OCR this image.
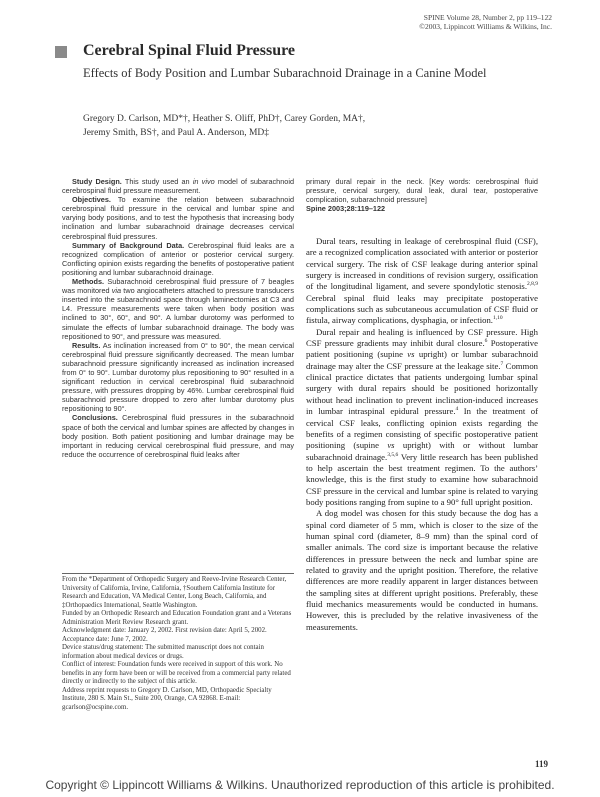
SPINE Volume 28, Number 2, pp 119–122
©2003, Lippincott Williams & Wilkins, Inc.
Cerebral Spinal Fluid Pressure
Effects of Body Position and Lumbar Subarachnoid Drainage in a Canine Model
Gregory D. Carlson, MD*†, Heather S. Oliff, PhD†, Carey Gorden, MA†,
Jeremy Smith, BS†, and Paul A. Anderson, MD‡

Study Design. This study used an in vivo model of subarachnoid cerebrospinal fluid pressure measurement.

Objectives. To examine the relation between subarachnoid cerebrospinal fluid pressure in the cervical and lumbar spine and varying body positions, and to test the hypothesis that increasing body inclination and lumbar subarachnoid drainage decreases cervical cerebrospinal fluid pressures.

Summary of Background Data. Cerebrospinal fluid leaks are a recognized complication of anterior or posterior cervical surgery. Conflicting opinion exists regarding the benefits of postoperative patient positioning and lumbar subarachnoid drainage.

Methods. Subarachnoid cerebrospinal fluid pressure of 7 beagles was monitored via two angiocatheters attached to pressure transducers inserted into the subarachnoid space through laminectomies at C3 and L4. Pressure measurements were taken when body position was inclined to 30°, 60°, and 90°. A lumbar durotomy was performed to simulate the effects of lumbar subarachnoid drainage. The body was repositioned to 90°, and pressure was measured.

Results. As inclination increased from 0° to 90°, the mean cervical cerebrospinal fluid pressure significantly decreased. The mean lumbar subarachnoid pressure significantly increased as inclination increased from 0° to 90°. Lumbar durotomy plus repositioning to 90° resulted in a significant reduction in cervical cerebrospinal fluid subarachnoid pressure, with pressures dropping by 46%. Lumbar cerebrospinal fluid subarachnoid pressure dropped to zero after lumbar durotomy plus repositioning to 90°.

Conclusions. Cerebrospinal fluid pressures in the subarachnoid space of both the cervical and lumbar spines are affected by changes in body position. Both patient positioning and lumbar drainage may be important in reducing cervical cerebrospinal fluid pressure, and may reduce the occurrence of cerebrospinal fluid leaks after

primary dural repair in the neck. [Key words: cerebrospinal fluid pressure, cervical surgery, dural leak, dural tear, postoperative complication, subarachnoid pressure]

Spine 2003;28:119–122

Dural tears, resulting in leakage of cerebrospinal fluid (CSF), are a recognized complication associated with anterior or posterior cervical surgery. The risk of CSF leakage during anterior spinal surgery is increased in conditions of revision surgery, ossification of the longitudinal ligament, and severe spondylotic stenosis.$^{2,8,9}$ Cerebral spinal fluid leaks may precipitate postoperative complications such as subcutaneous accumulation of CSF fluid or fistula, airway complications, dysphagia, or infection.$^{1,10}$

Dural repair and healing is influenced by CSF pressure. High CSF pressure gradients may inhibit dural closure.$^6$ Postoperative patient positioning (supine vs upright) or lumbar subarachnoid drainage may alter the CSF pressure at the leakage site.$^7$ Common clinical practice dictates that patients undergoing lumbar spinal surgery with dural repairs should be positioned horizontally without head inclination to prevent inclination-induced increases in lumbar intraspinal epidural pressure.$^4$ In the treatment of cervical CSF leaks, conflicting opinion exists regarding the benefits of a regimen consisting of specific postoperative patient positioning (supine vs upright) with or without lumbar subarachnoid drainage.$^{3,5,6}$ Very little research has been published to help ascertain the best treatment regimen. To the authors’ knowledge, this is the first study to examine how subarachnoid CSF pressure in the cervical and lumbar spine is related to varying body positions ranging from supine to a 90° full upright position.

A dog model was chosen for this study because the dog has a spinal cord diameter of 5 mm, which is closer to the size of the human spinal cord (diameter, 8–9 mm) than the spinal cord of smaller animals. The cord size is important because the relative differences in pressure between the neck and lumbar spine are related to gravity and the upright position. Therefore, the relative differences are more readily apparent in larger distances between the sampling sites at different upright positions. Preferably, these fluid mechanics measurements would be conducted in humans. However, this is precluded by the relative invasiveness of the measurements.

From the *Department of Orthopedic Surgery and Reeve-Irvine Research Center, University of California, Irvine, California, †Southern California Institute for Research and Education, VA Medical Center, Long Beach, California, and ‡Orthopaedics International, Seattle Washington.
Funded by an Orthopedic Research and Education Foundation grant and a Veterans Administration Merit Review Research grant.
Acknowledgment date: January 2, 2002. First revision date: April 5, 2002.
Acceptance date: June 7, 2002.
Device status/drug statement: The submitted manuscript does not contain information about medical devices or drugs.
Conflict of interest: Foundation funds were received in support of this work. No benefits in any form have been or will be received from a commercial party related directly or indirectly to the subject of this article.
Address reprint requests to Gregory D. Carlson, MD, Orthopaedic Specialty Institute, 280 S. Main St., Suite 200, Orange, CA 92868. E-mail: gcarlson@ocspine.com.
119
Copyright © Lippincott Williams & Wilkins. Unauthorized reproduction of this article is prohibited.
